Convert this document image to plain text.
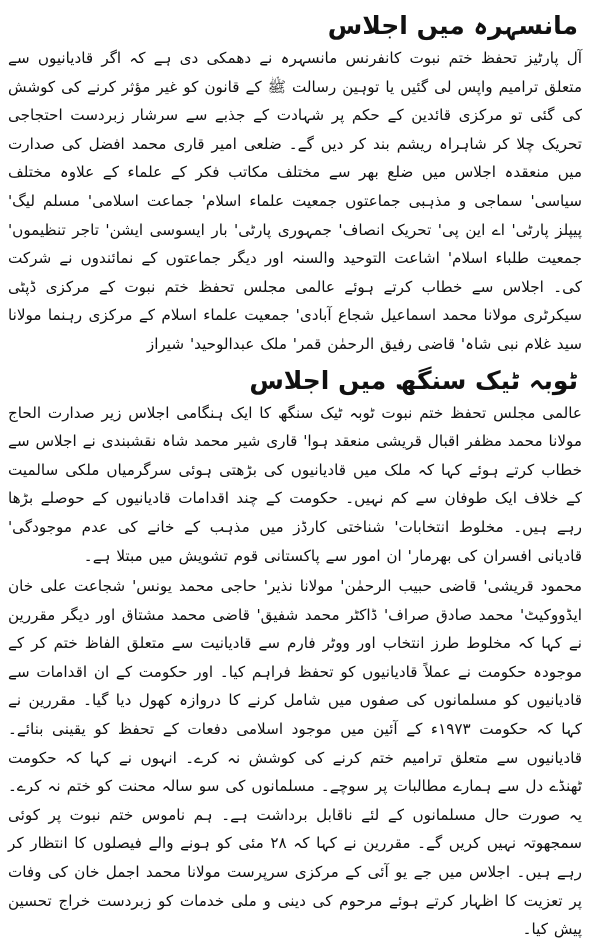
مانسہرہ میں اجلاس

آل پارٹیز تحفظ ختم نبوت کانفرنس مانسہرہ نے دھمکی دی ہے کہ اگر قادیانیوں سے متعلق ترامیم واپس لی گئیں یا توہین رسالت ﷺ کے قانون کو غیر مؤثر کرنے کی کوشش کی گئی تو مرکزی قائدین کے حکم پر شہادت کے جذبے سے سرشار زبردست احتجاجی تحریک چلا کر شاہراہ ریشم بند کر دیں گے۔ ضلعی امیر قاری محمد افضل کی صدارت میں منعقدہ اجلاس میں ضلع بھر سے مختلف مکاتب فکر کے علماء کے علاوہ مختلف سیاسی' سماجی و مذہبی جماعتوں جمعیت علماء اسلام' جماعت اسلامی' مسلم لیگ' پیپلز پارٹی' اے این پی' تحریک انصاف' جمہوری پارٹی' بار ایسوسی ایشن' تاجر تنظیموں' جمعیت طلباء اسلام' اشاعت التوحید والسنہ اور دیگر جماعتوں کے نمائندوں نے شرکت کی۔ اجلاس سے خطاب کرتے ہوئے عالمی مجلس تحفظ ختم نبوت کے مرکزی ڈپٹی سیکرٹری مولانا محمد اسماعیل شجاع آبادی' جمعیت علماء اسلام کے مرکزی رہنما مولانا سید غلام نبی شاہ' قاضی رفیق الرحمٰن قمر' ملک عبدالوحید' شیراز

ٹوبہ ٹیک سنگھ میں اجلاس

عالمی مجلس تحفظ ختم نبوت ٹوبہ ٹیک سنگھ کا ایک ہنگامی اجلاس زیر صدارت الحاج مولانا محمد مظفر اقبال قریشی منعقد ہوا' قاری شیر محمد شاہ نقشبندی نے اجلاس سے خطاب کرتے ہوئے کہا کہ ملک میں قادیانیوں کی بڑھتی ہوئی سرگرمیاں ملکی سالمیت کے خلاف ایک طوفان سے کم نہیں۔ حکومت کے چند اقدامات قادیانیوں کے حوصلے بڑھا رہے ہیں۔ مخلوط انتخابات' شناختی کارڈز میں مذہب کے خانے کی عدم موجودگی' قادیانی افسران کی بھرمار' ان امور سے پاکستانی قوم تشویش میں مبتلا ہے۔

محمود قریشی' قاضی حبیب الرحمٰن' مولانا نذیر' حاجی محمد یونس' شجاعت علی خان ایڈووکیٹ' محمد صادق صراف' ڈاکٹر محمد شفیق' قاضی محمد مشتاق اور دیگر مقررین نے کہا کہ مخلوط طرز انتخاب اور ووٹر فارم سے قادیانیت سے متعلق الفاظ ختم کر کے موجودہ حکومت نے عملاً قادیانیوں کو تحفظ فراہم کیا۔ اور حکومت کے ان اقدامات سے قادیانیوں کو مسلمانوں کی صفوں میں شامل کرنے کا دروازہ کھول دیا گیا۔ مقررین نے کہا کہ حکومت ۱۹۷۳ء کے آئین میں موجود اسلامی دفعات کے تحفظ کو یقینی بنائے۔ قادیانیوں سے متعلق ترامیم ختم کرنے کی کوشش نہ کرے۔ انہوں نے کہا کہ حکومت ٹھنڈے دل سے ہمارے مطالبات پر سوچے۔ مسلمانوں کی سو سالہ محنت کو ختم نہ کرے۔ یہ صورت حال مسلمانوں کے لئے ناقابل برداشت ہے۔ ہم ناموس ختم نبوت پر کوئی سمجھوتہ نہیں کریں گے۔ مقررین نے کہا کہ ۲۸ مئی کو ہونے والے فیصلوں کا انتظار کر رہے ہیں۔ اجلاس میں جے یو آئی کے مرکزی سرپرست مولانا محمد اجمل خان کی وفات پر تعزیت کا اظہار کرتے ہوئے مرحوم کی دینی و ملی خدمات کو زبردست خراج تحسین پیش کیا۔
